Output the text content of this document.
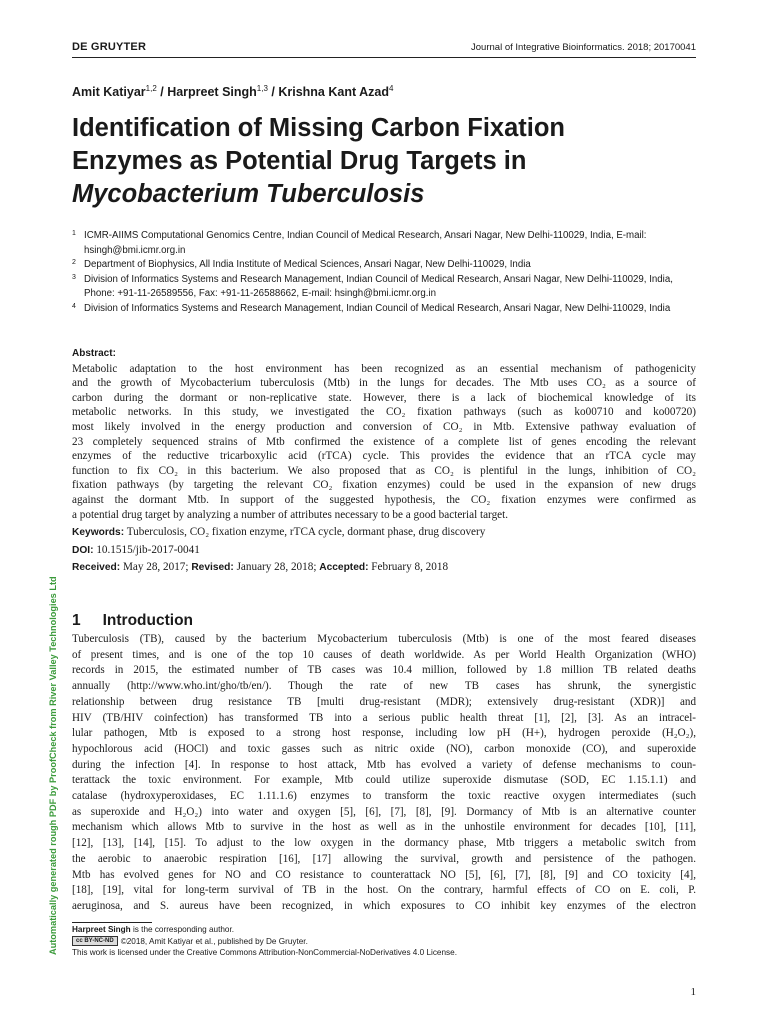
DE GRUYTER	Journal of Integrative Bioinformatics. 2018; 20170041
Amit Katiyar$^{1,2}$ / Harpreet Singh$^{1,3}$ / Krishna Kant Azad$^4$
Identification of Missing Carbon Fixation
Enzymes as Potential Drug Targets in
Mycobacterium Tuberculosis
1 ICMR-AIIMS Computational Genomics Centre, Indian Council of Medical Research, Ansari Nagar, New Delhi-110029, India, E-mail: hsingh@bmi.icmr.org.in
2 Department of Biophysics, All India Institute of Medical Sciences, Ansari Nagar, New Delhi-110029, India
3 Division of Informatics Systems and Research Management, Indian Council of Medical Research, Ansari Nagar, New Delhi-110029, India, Phone: +91-11-26589556, Fax: +91-11-26588662, E-mail: hsingh@bmi.icmr.org.in
4 Division of Informatics Systems and Research Management, Indian Council of Medical Research, Ansari Nagar, New Delhi-110029, India
Abstract:
Metabolic adaptation to the host environment has been recognized as an essential mechanism of pathogenicity
and the growth of Mycobacterium tuberculosis (Mtb) in the lungs for decades. The Mtb uses CO₂ as a source of
carbon during the dormant or non-replicative state. However, there is a lack of biochemical knowledge of its
metabolic networks. In this study, we investigated the CO₂ fixation pathways (such as ko00710 and ko00720)
most likely involved in the energy production and conversion of CO₂ in Mtb. Extensive pathway evaluation of
23 completely sequenced strains of Mtb confirmed the existence of a complete list of genes encoding the relevant
enzymes of the reductive tricarboxylic acid (rTCA) cycle. This provides the evidence that an rTCA cycle may
function to fix CO₂ in this bacterium. We also proposed that as CO₂ is plentiful in the lungs, inhibition of CO₂
fixation pathways (by targeting the relevant CO₂ fixation enzymes) could be used in the expansion of new drugs
against the dormant Mtb. In support of the suggested hypothesis, the CO₂ fixation enzymes were confirmed as
a potential drug target by analyzing a number of attributes necessary to be a good bacterial target.
Keywords: Tuberculosis, CO₂ fixation enzyme, rTCA cycle, dormant phase, drug discovery
DOI: 10.1515/jib-2017-0041
Received: May 28, 2017; Revised: January 28, 2018; Accepted: February 8, 2018
1 Introduction
Tuberculosis (TB), caused by the bacterium Mycobacterium tuberculosis (Mtb) is one of the most feared diseases
of present times, and is one of the top 10 causes of death worldwide. As per World Health Organization (WHO)
records in 2015, the estimated number of TB cases was 10.4 million, followed by 1.8 million TB related deaths
annually (http://www.who.int/gho/tb/en/). Though the rate of new TB cases has shrunk, the synergistic
relationship between drug resistance TB [multi drug-resistant (MDR); extensively drug-resistant (XDR)] and
HIV (TB/HIV coinfection) has transformed TB into a serious public health threat [1], [2], [3]. As an intracel-
lular pathogen, Mtb is exposed to a strong host response, including low pH (H+), hydrogen peroxide (H₂O₂),
hypochlorous acid (HOCl) and toxic gasses such as nitric oxide (NO), carbon monoxide (CO), and superoxide
during the infection [4]. In response to host attack, Mtb has evolved a variety of defense mechanisms to coun-
terattack the toxic environment. For example, Mtb could utilize superoxide dismutase (SOD, EC 1.15.1.1) and
catalase (hydroxyperoxidases, EC 1.11.1.6) enzymes to transform the toxic reactive oxygen intermediates (such
as superoxide and H₂O₂) into water and oxygen [5], [6], [7], [8], [9]. Dormancy of Mtb is an alternative counter
mechanism which allows Mtb to survive in the host as well as in the unhostile environment for decades [10], [11],
[12], [13], [14], [15]. To adjust to the low oxygen in the dormancy phase, Mtb triggers a metabolic switch from
the aerobic to anaerobic respiration [16], [17] allowing the survival, growth and persistence of the pathogen.
Mtb has evolved genes for NO and CO resistance to counterattack NO [5], [6], [7], [8], [9] and CO toxicity [4],
[18], [19], vital for long-term survival of TB in the host. On the contrary, harmful effects of CO on E. coli, P.
aeruginosa, and S. aureus have been recognized, in which exposures to CO inhibit key enzymes of the electron
Harpreet Singh is the corresponding author.
cc BY-NC-ND ©2018, Amit Katiyar et al., published by De Gruyter.
This work is licensed under the Creative Commons Attribution-NonCommercial-NoDerivatives 4.0 License.
Automatically generated rough PDF by ProofCheck from River Valley Technologies Ltd
1
